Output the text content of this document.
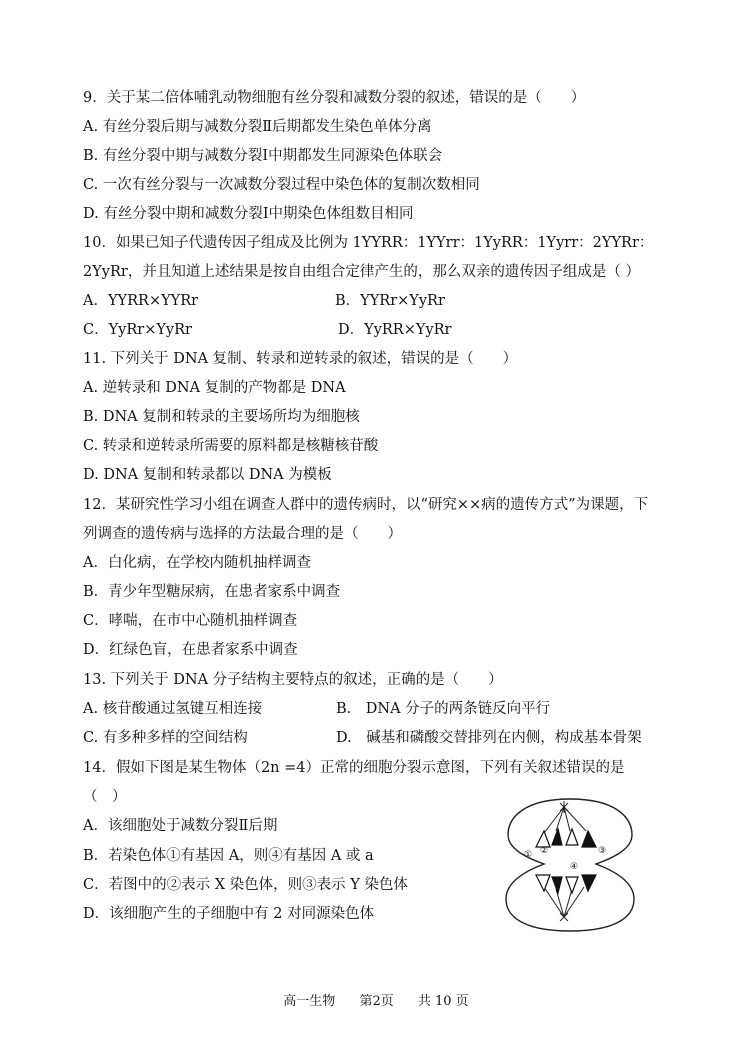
9．关于某二倍体哺乳动物细胞有丝分裂和减数分裂的叙述，错误的是（　　）
A. 有丝分裂后期与减数分裂Ⅱ后期都发生染色单体分离
B. 有丝分裂中期与减数分裂Ⅰ中期都发生同源染色体联会
C. 一次有丝分裂与一次减数分裂过程中染色体的复制次数相同
D. 有丝分裂中期和减数分裂Ⅰ中期染色体组数目相同
10．如果已知子代遗传因子组成及比例为 1YYRR：1YYrr：1YyRR：1Yyrr：2YYRr：
2YyRr，并且知道上述结果是按自由组合定律产生的，那么双亲的遗传因子组成是（ ）
A．YYRR×YYRr	B．YYRr×YyRr
C．YyRr×YyRr	D．YyRR×YyRr
11. 下列关于 DNA 复制、转录和逆转录的叙述，错误的是（　　）
A. 逆转录和 DNA 复制的产物都是 DNA
B. DNA 复制和转录的主要场所均为细胞核
C. 转录和逆转录所需要的原料都是核糖核苷酸
D. DNA 复制和转录都以 DNA 为模板
12．某研究性学习小组在调查人群中的遗传病时，以“研究××病的遗传方式”为课题，下
列调查的遗传病与选择的方法最合理的是（　　）
A．白化病，在学校内随机抽样调查
B．青少年型糖尿病，在患者家系中调查
C．哮喘，在市中心随机抽样调查
D．红绿色盲，在患者家系中调查
13. 下列关于 DNA 分子结构主要特点的叙述，正确的是（　　）
A. 核苷酸通过氢键互相连接	B.　DNA 分子的两条链反向平行
C. 有多种多样的空间结构	D.　碱基和磷酸交替排列在内侧，构成基本骨架
14．假如下图是某生物体（2n =4）正常的细胞分裂示意图，下列有关叙述错误的是
（　）
A．该细胞处于减数分裂Ⅱ后期
B．若染色体①有基因 A，则④有基因 A 或 a
C．若图中的②表示 X 染色体，则③表示 Y 染色体
D．该细胞产生的子细胞中有 2 对同源染色体
① ②	③
④
高一生物 第2页 共 10 页
